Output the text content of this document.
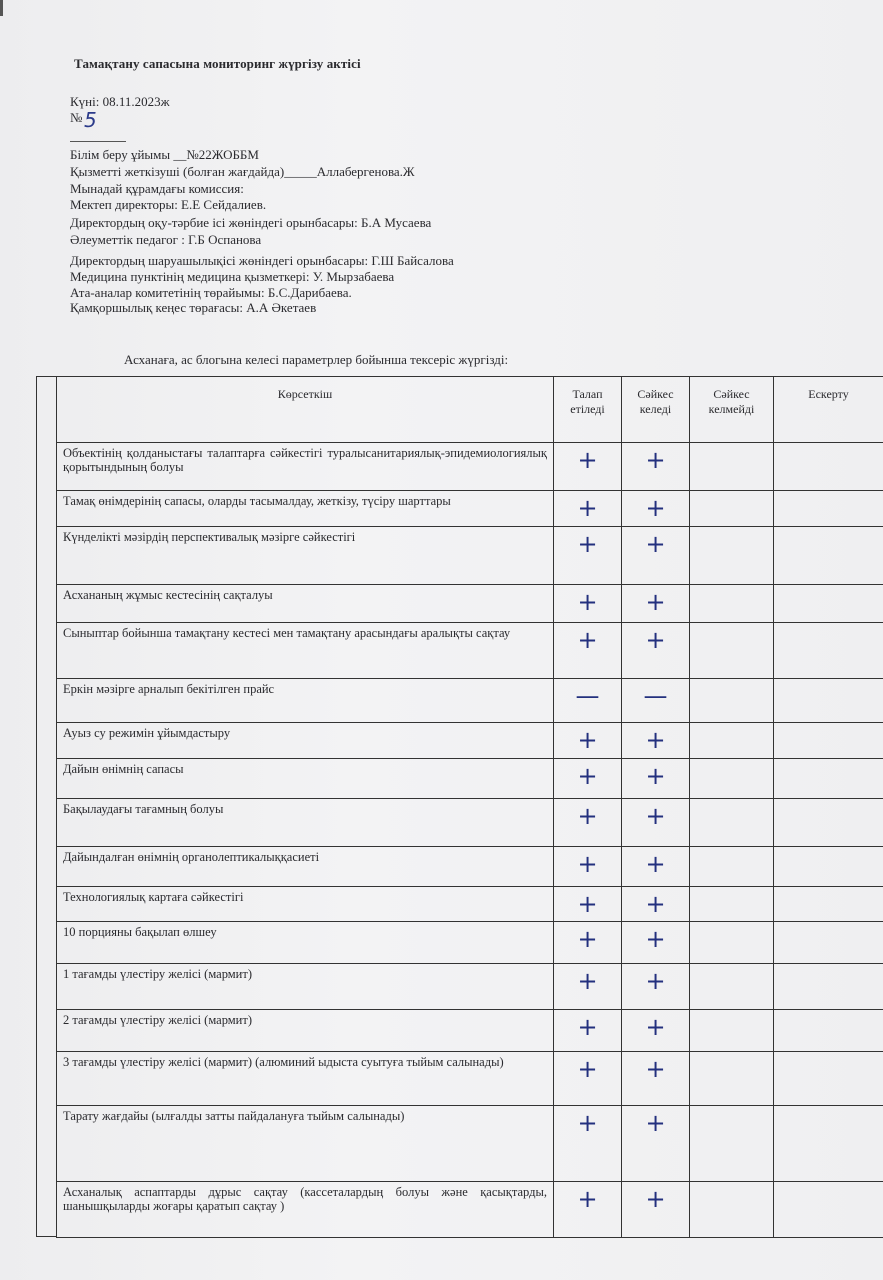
Тамақтану сапасына мониторинг жүргізу актісі
Күні: 08.11.2023ж
№ 5
Білім беру ұйымы __№22ЖОББМ
Қызметті жеткізуші (болған жағдайда)_____Аллабергенова.Ж
Мынадай құрамдағы комиссия:
Мектеп директоры: Е.Е Сейдалиев.
Директордың оқу-тәрбие ісі жөніндегі орынбасары: Б.А Мусаева
Әлеуметтік педагог : Г.Б Оспанова
Директордың шаруашылықісі жөніндегі орынбасары: Г.Ш Байсалова
Медицина пунктінің медицина қызметкері: У. Мырзабаева
Ата-аналар комитетінің төрайымы: Б.С.Дарибаева.
Қамқоршылық кеңес төрағасы: А.А Әкетаев
Асханаға, ас блогына келесі параметрлер бойынша тексеріс жүргізді:
Көрсеткіш	Талап етіледі	Сәйкес келеді	Сәйкес келмейді	Ескерту
Объектінің қолданыстағы талаптарға сәйкестігі туралысанитариялық-эпидемиологиялық қорытындының болуы	+	+		
Тамақ өнімдерінің сапасы, оларды тасымалдау, жеткізу, түсіру шарттары	+	+		
Күнделікті мәзірдің перспективалық мәзірге сәйкестігі	+	+		
Асхананың жұмыс кестесінің сақталуы	+	+		
Сыныптар бойынша тамақтану кестесі мен тамақтану арасындағы аралықты сақтау	+	+		
Еркін мәзірге арналып бекітілген прайс	—	—		
Ауыз су режимін ұйымдастыру	+	+		
Дайын өнімнің сапасы	+	+		
Бақылаудағы тағамның болуы	+	+		
Дайындалған өнімнің органолептикалыққасиеті	+	+		
Технологиялық картаға сәйкестігі	+	+		
10 порцияны бақылап өлшеу	+	+		
1 тағамды үлестіру желісі (мармит)	+	+		
2 тағамды үлестіру желісі (мармит)	+	+		
3 тағамды үлестіру желісі (мармит) (алюминий ыдыста суытуға тыйым салынады)	+	+		
Тарату жағдайы (ылғалды затты пайдалануға тыйым салынады)	+	+		
Асханалық аспаптарды дұрыс сақтау (кассеталардың болуы және қасықтарды, шанышқыларды жоғары қаратып сақтау )	+	+		
